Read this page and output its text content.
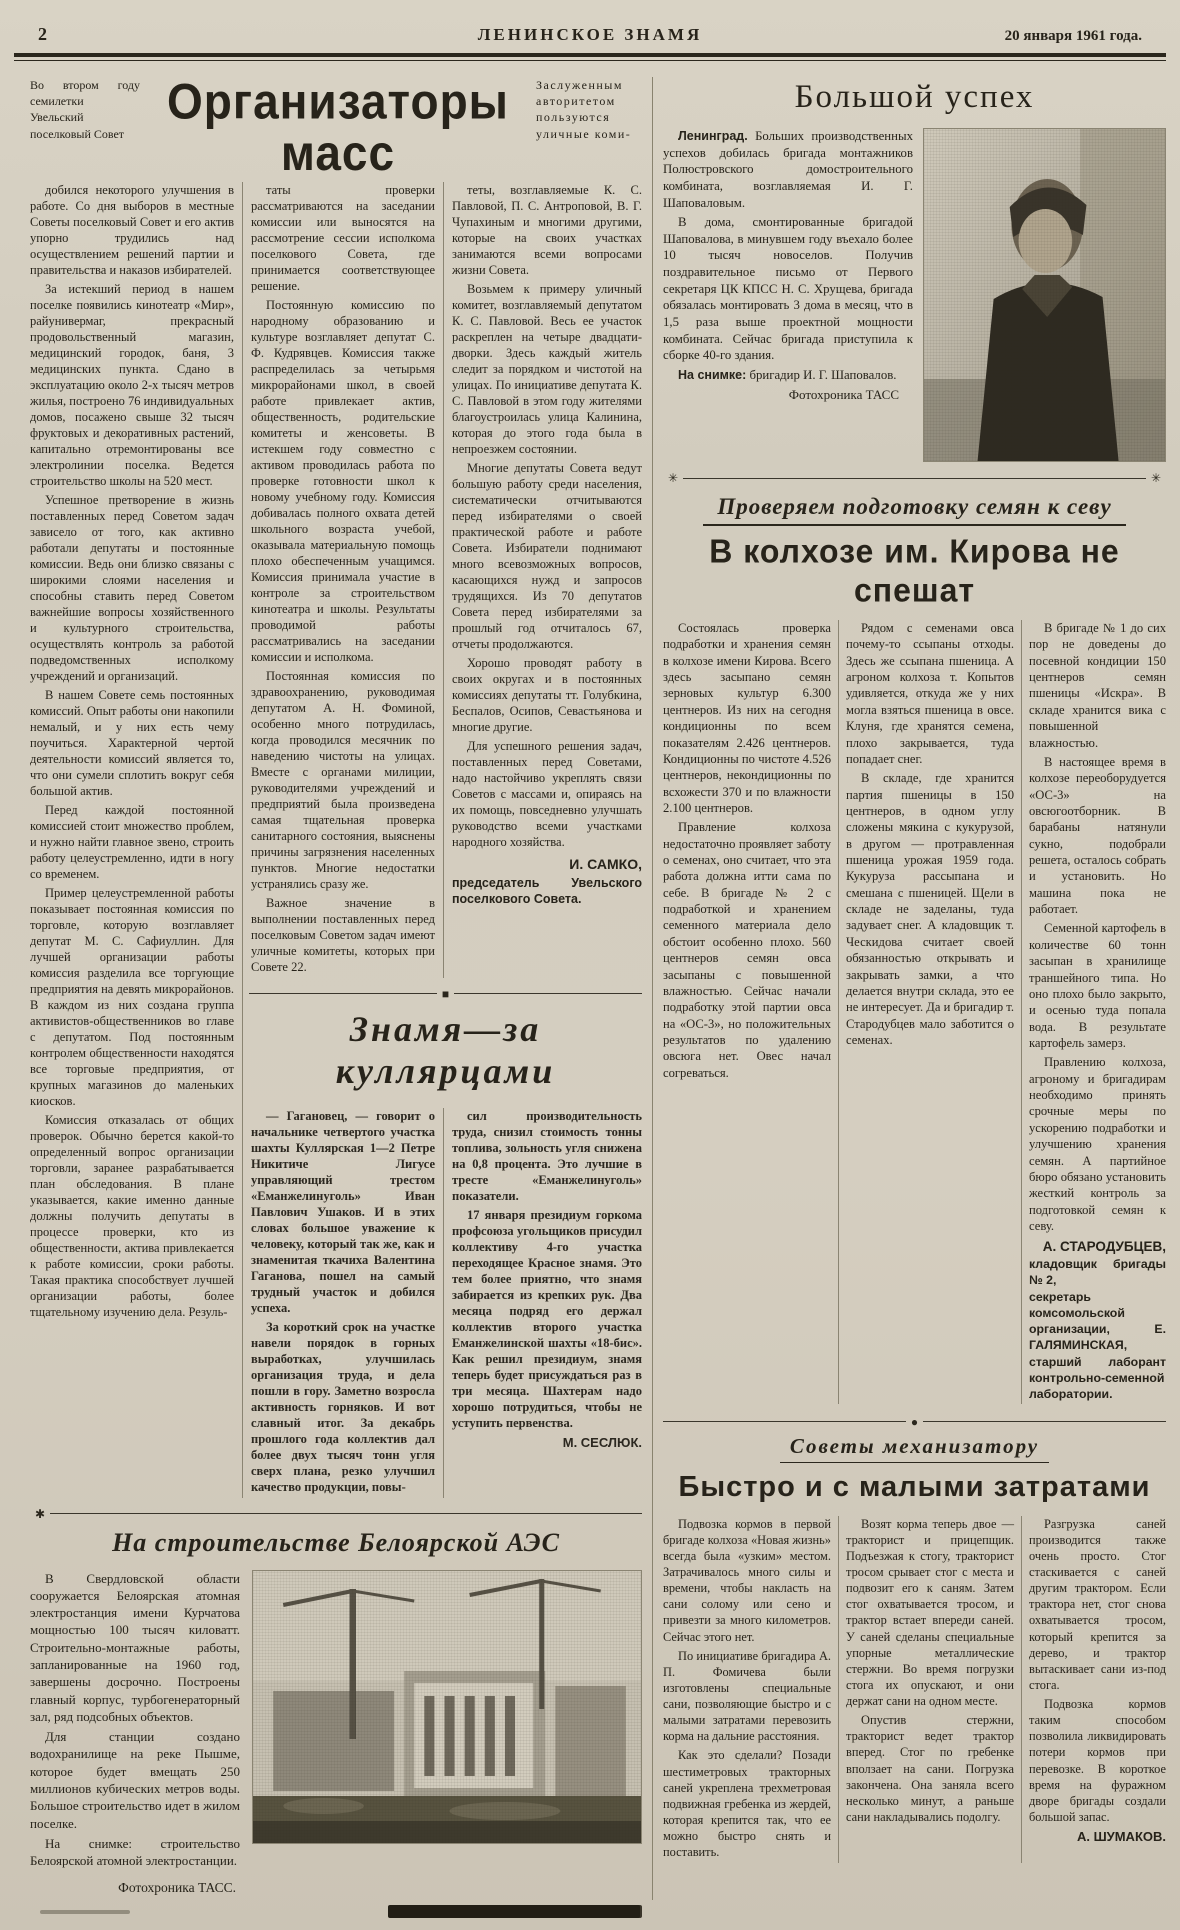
2	ЛЕНИНСКОЕ ЗНАМЯ	20 января 1961 года.
Во втором году семилетки Увельский поселковый Совет
Организаторы масс
Заслуженным авторитетом пользуются уличные коми-

добился некоторого улучшения в работе. Со дня выборов в местные Советы поселковый Совет и его актив упорно трудились над осуществлением решений партии и правительства и наказов избирателей.

За истекший период в нашем поселке появились кинотеатр «Мир», райунивермаг, прекрасный продовольственный магазин, медицинский городок, баня, 3 медицинских пункта. Сдано в эксплуатацию около 2-х тысяч метров жилья, построено 76 индивидуальных домов, посажено свыше 32 тысяч фруктовых и декоративных растений, капитально отремонтированы все электролинии поселка. Ведется строительство школы на 520 мест.

Успешное претворение в жизнь поставленных перед Советом задач зависело от того, как активно работали депутаты и постоянные комиссии. Ведь они близко связаны с широкими слоями населения и способны ставить перед Советом важнейшие вопросы хозяйственного и культурного строительства, осуществлять контроль за работой подведомственных исполкому учреждений и организаций.

В нашем Совете семь постоянных комиссий. Опыт работы они накопили немалый, и у них есть чему поучиться. Характерной чертой деятельности комиссий является то, что они сумели сплотить вокруг себя большой актив.

Перед каждой постоянной комиссией стоит множество проблем, и нужно найти главное звено, строить работу целеустремленно, идти в ногу со временем.

Пример целеустремленной работы показывает постоянная комиссия по торговле, которую возглавляет депутат М. С. Сафиуллин. Для лучшей организации работы комиссия разделила все торгующие предприятия на девять микрорайонов. В каждом из них создана группа активистов-общественников во главе с депутатом. Под постоянным контролем общественности находятся все торговые предприятия, от крупных магазинов до маленьких киосков.

Комиссия отказалась от общих проверок. Обычно берется какой-то определенный вопрос организации торговли, заранее разрабатывается план обследования. В плане указывается, какие именно данные должны получить депутаты в процессе проверки, кто из общественности, актива привлекается к работе комиссии, сроки работы. Такая практика способствует лучшей организации работы, более тщательному изучению дела. Резуль-

таты проверки рассматриваются на заседании комиссии или выносятся на рассмотрение сессии исполкома поселкового Совета, где принимается соответствующее решение.

Постоянную комиссию по народному образованию и культуре возглавляет депутат С. Ф. Кудрявцев. Комиссия также распределилась за четырьмя микрорайонами школ, в своей работе привлекает актив, общественность, родительские комитеты и женсоветы. В истекшем году совместно с активом проводилась работа по проверке готовности школ к новому учебному году. Комиссия добивалась полного охвата детей школьного возраста учебой, оказывала материальную помощь плохо обеспеченным учащимся. Комиссия принимала участие в контроле за строительством кинотеатра и школы. Результаты проводимой работы рассматривались на заседании комиссии и исполкома.

Постоянная комиссия по здравоохранению, руководимая депутатом А. Н. Фоминой, особенно много потрудилась, когда проводился месячник по наведению чистоты на улицах. Вместе с органами милиции, руководителями учреждений и предприятий была произведена самая тщательная проверка санитарного состояния, выяснены причины загрязнения населенных пунктов. Многие недостатки устранялись сразу же.

Важное значение в выполнении поставленных перед поселковым Советом задач имеют уличные комитеты, которых при Совете 22.

теты, возглавляемые К. С. Павловой, П. С. Антроповой, В. Г. Чупахиным и многими другими, которые на своих участках занимаются всеми вопросами жизни Совета.

Возьмем к примеру уличный комитет, возглавляемый депутатом К. С. Павловой. Весь ее участок раскреплен на четыре двадцати-дворки. Здесь каждый житель следит за порядком и чистотой на улицах. По инициативе депутата К. С. Павловой в этом году жителями благоустроилась улица Калинина, которая до этого года была в непроезжем состоянии.

Многие депутаты Совета ведут большую работу среди населения, систематически отчитываются перед избирателями о своей практической работе и работе Совета. Избиратели поднимают много всевозможных вопросов, касающихся нужд и запросов трудящихся. Из 70 депутатов Совета перед избирателями за прошлый год отчиталось 67, отчеты продолжаются.

Хорошо проводят работу в своих округах и в постоянных комиссиях депутаты тт. Голубкина, Беспалов, Осипов, Севастьянова и многие другие.

Для успешного решения задач, поставленных перед Советами, надо настойчиво укреплять связи Советов с массами и, опираясь на их помощь, повседневно улучшать руководство всеми участками народного хозяйства.

И. САМКО,

председатель Увельского поселкового Совета.

■
Знамя—за куллярцами

— Гагановец, — говорит о начальнике четвертого участка шахты Куллярская 1—2 Петре Никитиче Лигусе управляющий трестом «Еманжелинуголь» Иван Павлович Ушаков. И в этих словах большое уважение к человеку, который так же, как и знаменитая ткачиха Валентина Гаганова, пошел на самый трудный участок и добился успеха.

За короткий срок на участке навели порядок в горных выработках, улучшилась организация труда, и дела пошли в гору. Заметно возросла активность горняков. И вот славный итог. За декабрь прошлого года коллектив дал более двух тысяч тонн угля сверх плана, резко улучшил качество продукции, повы-

сил производительность труда, снизил стоимость тонны топлива, зольность угля снижена на 0,8 процента. Это лучшие в тресте «Еманжелинуголь» показатели.

17 января президиум горкома профсоюза угольщиков присудил коллективу 4-го участка переходящее Красное знамя. Это тем более приятно, что знамя забирается из крепких рук. Два месяца подряд его держал коллектив второго участка Еманжелинской шахты «18-бис». Как решил президиум, знамя теперь будет присуждаться раз в три месяца. Шахтерам надо хорошо потрудиться, чтобы не уступить первенства.

М. СЕСЛЮК.
✱
На строительстве Белоярской АЭС

В Свердловской области сооружается Белоярская атомная электростанция имени Курчатова мощностью 100 тысяч киловатт. Строительно-монтажные работы, запланированные на 1960 год, завершены досрочно. Построены главный корпус, турбогенераторный зал, ряд подсобных объектов.

Для станции создано водохранилище на реке Пышме, которое будет вмещать 250 миллионов кубических метров воды. Большое строительство идет в жилом поселке.

На снимке: строительство Белоярской атомной электростанции.

Фотохроника ТАСС.

Большой успех

Ленинград. Больших производственных успехов добилась бригада монтажников Полюстровского домостроительного комбината, возглавляемая И. Г. Шаповаловым.

В дома, смонтированные бригадой Шаповалова, в минувшем году въехало более 10 тысяч новоселов. Получив поздравительное письмо от Первого секретаря ЦК КПСС Н. С. Хрущева, бригада обязалась монтировать 3 дома в месяц, что в 1,5 раза выше проектной мощности комбината. Сейчас бригада приступила к сборке 40-го здания.

На снимке: бригадир И. Г. Шаповалов.

Фотохроника ТАСС

✳	✳
Проверяем подготовку семян к севу
В колхозе им. Кирова не спешат

Состоялась проверка подработки и хранения семян в колхозе имени Кирова. Всего здесь засыпано семян зерновых культур 6.300 центнеров. Из них на сегодня кондиционны по всем показателям 2.426 центнеров. Кондиционны по чистоте 4.526 центнеров, некондиционны по всхожести 370 и по влажности 2.100 центнеров.

Правление колхоза недостаточно проявляет заботу о семенах, оно считает, что эта работа должна итти сама по себе. В бригаде № 2 с подработкой и хранением семенного материала дело обстоит особенно плохо. 560 центнеров семян овса засыпаны с повышенной влажностью. Сейчас начали подработку этой партии овса на «ОС-3», но положительных результатов по удалению овсюга нет. Овес начал согреваться.

Рядом с семенами овса почему-то ссыпаны отходы. Здесь же ссыпана пшеница. А агроном колхоза т. Копытов удивляется, откуда же у них могла взяться пшеница в овсе. Клуня, где хранятся семена, плохо закрывается, туда попадает снег.

В складе, где хранится партия пшеницы в 150 центнеров, в одном углу сложены мякина с кукурузой, в другом — протравленная пшеница урожая 1959 года. Кукуруза рассыпана и смешана с пшеницей. Щели в складе не заделаны, туда задувает снег. А кладовщик т. Ческидова считает своей обязанностью открывать и закрывать замки, а что делается внутри склада, это ее не интересует. Да и бригадир т. Стародубцев мало заботится о семенах.

В бригаде № 1 до сих пор не доведены до посевной кондиции 150 центнеров семян пшеницы «Искра». В складе хранится вика с повышенной влажностью.

В настоящее время в колхозе переоборудуется «ОС-3» на овсюгоотборник. В барабаны натянули сукно, подобрали решета, осталось собрать и установить. Но машина пока не работает.

Семенной картофель в количестве 60 тонн засыпан в хранилище траншейного типа. Но оно плохо было закрыто, и осенью туда попала вода. В результате картофель замерз.

Правлению колхоза, агроному и бригадирам необходимо принять срочные меры по ускорению подработки и улучшению хранения семян. А партийное бюро обязано установить жесткий контроль за подготовкой семян к севу.

А. СТАРОДУБЦЕВ,

кладовщик бригады № 2,

секретарь комсомольской организации, Е. ГАЛЯМИНСКАЯ,

старший лаборант контрольно-семенной лаборатории.

●
Советы механизатору
Быстро и с малыми затратами

Подвозка кормов в первой бригаде колхоза «Новая жизнь» всегда была «узким» местом. Затрачивалось много силы и времени, чтобы накласть на сани солому или сено и привезти за много километров. Сейчас этого нет.

По инициативе бригадира А. П. Фомичева были изготовлены специальные сани, позволяющие быстро и с малыми затратами перевозить корма на дальние расстояния.

Как это сделали? Позади шестиметровых тракторных саней укреплена трехметровая подвижная гребенка из жердей, которая крепится так, что ее можно быстро снять и поставить.

Возят корма теперь двое — тракторист и прицепщик. Подъезжая к стогу, тракторист тросом срывает стог с места и подвозит его к саням. Затем стог охватывается тросом, и трактор встает впереди саней. У саней сделаны специальные упорные металлические стержни. Во время погрузки стога их опускают, и они держат сани на одном месте.

Опустив стержни, тракторист ведет трактор вперед. Стог по гребенке вползает на сани. Погрузка закончена. Она заняла всего несколько минут, а раньше сани накладывались подолгу.

Разгрузка саней производится также очень просто. Стог стаскивается с саней другим трактором. Если трактора нет, стог снова охватывается тросом, который крепится за дерево, и трактор вытаскивает сани из-под стога.

Подвозка кормов таким способом позволила ликвидировать потери кормов при перевозке. В короткое время на фуражном дворе бригады создали большой запас.

А. ШУМАКОВ.
